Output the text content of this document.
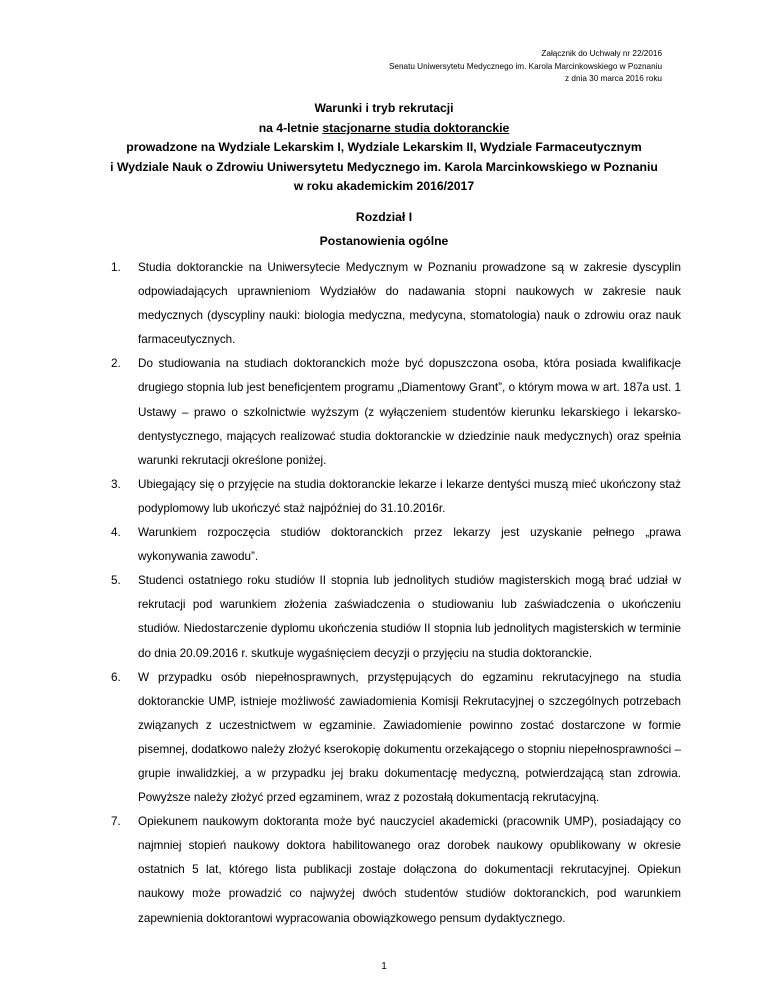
Załącznik do Uchwały nr 22/2016
Senatu Uniwersytetu Medycznego im. Karola Marcinkowskiego w Poznaniu
z dnia 30 marca 2016 roku
Warunki i tryb rekrutacji
na 4-letnie stacjonarne studia doktoranckie
prowadzone na Wydziale Lekarskim I, Wydziale Lekarskim II, Wydziale Farmaceutycznym
i Wydziale Nauk o Zdrowiu Uniwersytetu Medycznego im. Karola Marcinkowskiego w Poznaniu
w roku akademickim 2016/2017
Rozdział I
Postanowienia ogólne
1. Studia doktoranckie na Uniwersytecie Medycznym w Poznaniu prowadzone są w zakresie dyscyplin odpowiadających uprawnieniom Wydziałów do nadawania stopni naukowych w zakresie nauk medycznych (dyscypliny nauki: biologia medyczna, medycyna, stomatologia) nauk o zdrowiu oraz nauk farmaceutycznych.
2. Do studiowania na studiach doktoranckich może być dopuszczona osoba, która posiada kwalifikacje drugiego stopnia lub jest beneficjentem programu „Diamentowy Grant”, o którym mowa w art. 187a ust. 1 Ustawy – prawo o szkolnictwie wyższym (z wyłączeniem studentów kierunku lekarskiego i lekarsko-dentystycznego, mających realizować studia doktoranckie w dziedzinie nauk medycznych) oraz spełnia warunki rekrutacji określone poniżej.
3. Ubiegający się o przyjęcie na studia doktoranckie lekarze i lekarze dentyści muszą mieć ukończony staż podyplomowy lub ukończyć staż najpóźniej do 31.10.2016r.
4. Warunkiem rozpoczęcia studiów doktoranckich przez lekarzy jest uzyskanie pełnego „prawa wykonywania zawodu”.
5. Studenci ostatniego roku studiów II stopnia lub jednolitych studiów magisterskich mogą brać udział w rekrutacji pod warunkiem złożenia zaświadczenia o studiowaniu lub zaświadczenia o ukończeniu studiów. Niedostarczenie dyplomu ukończenia studiów II stopnia lub jednolitych magisterskich w terminie do dnia 20.09.2016 r. skutkuje wygaśnięciem decyzji o przyjęciu na studia doktoranckie.
6. W przypadku osób niepełnosprawnych, przystępujących do egzaminu rekrutacyjnego na studia doktoranckie UMP, istnieje możliwość zawiadomienia Komisji Rekrutacyjnej o szczególnych potrzebach związanych z uczestnictwem w egzaminie. Zawiadomienie powinno zostać dostarczone w formie pisemnej, dodatkowo należy złożyć kserokopię dokumentu orzekającego o stopniu niepełnosprawności – grupie inwalidzkiej, a w przypadku jej braku dokumentację medyczną, potwierdzającą stan zdrowia. Powyższe należy złożyć przed egzaminem, wraz z pozostałą dokumentacją rekrutacyjną.
7. Opiekunem naukowym doktoranta może być nauczyciel akademicki (pracownik UMP), posiadający co najmniej stopień naukowy doktora habilitowanego oraz dorobek naukowy opublikowany w okresie ostatnich 5 lat, którego lista publikacji zostaje dołączona do dokumentacji rekrutacyjnej. Opiekun naukowy może prowadzić co najwyżej dwóch studentów studiów doktoranckich, pod warunkiem zapewnienia doktorantowi wypracowania obowiązkowego pensum dydaktycznego.
1
